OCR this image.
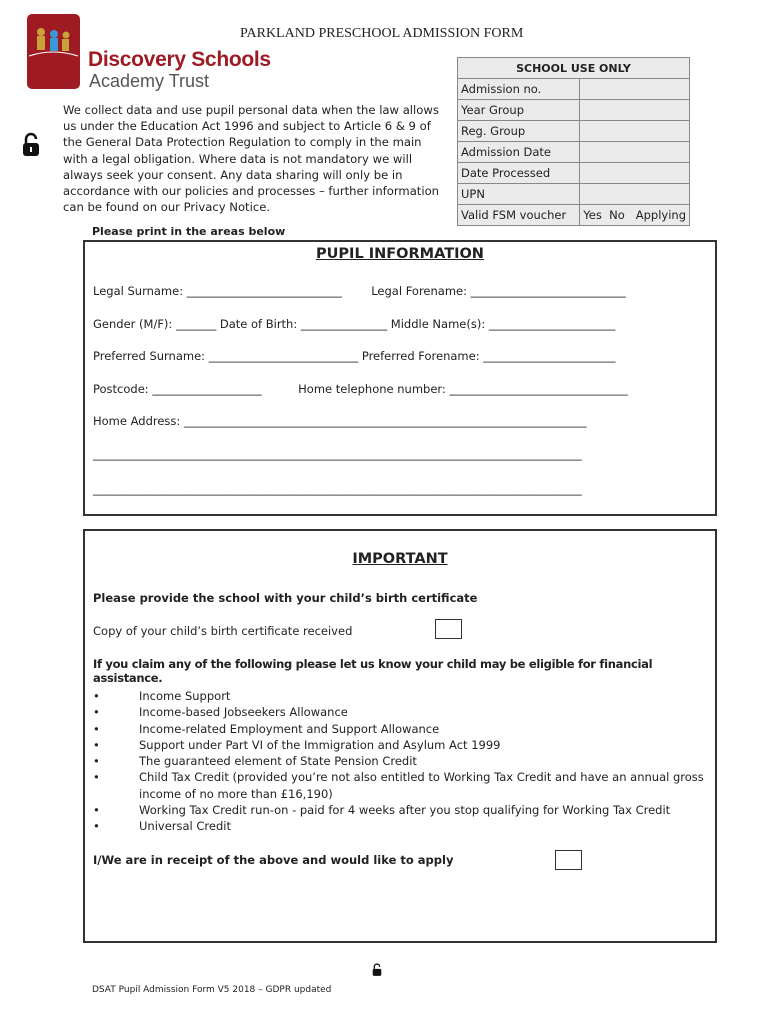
Discovery Schools
Academy Trust
PARKLAND PRESCHOOL ADMISSION FORM
We collect data and use pupil personal data when the law allows us under the Education Act 1996 and subject to Article 6 & 9 of the General Data Protection Regulation to comply in the main with a legal obligation. Where data is not mandatory we will always seek your consent. Any data sharing will only be in accordance with our policies and processes – further information can be found on our Privacy Notice.
Please print in the areas below
SCHOOL USE ONLY	
Admission no.	
Year Group	
Reg. Group	
Admission Date	
Date Processed	
UPN	
Valid FSM voucher	Yes  No   Applying
PUPIL INFORMATION
Legal Surname: ___________________________        Legal Forename: ___________________________
Gender (M/F): _______ Date of Birth: _______________ Middle Name(s): ______________________
Preferred Surname: __________________________ Preferred Forename: _______________________
Postcode: ___________________          Home telephone number: _______________________________
Home Address: ______________________________________________________________________
_____________________________________________________________________________________
_____________________________________________________________________________________
IMPORTANT
Please provide the school with your child’s birth certificate
Copy of your child’s birth certificate received
If you claim any of the following please let us know your child may be eligible for financial assistance.
• Income Support
• Income-based Jobseekers Allowance
• Income-related Employment and Support Allowance
• Support under Part VI of the Immigration and Asylum Act 1999
• The guaranteed element of State Pension Credit
• Child Tax Credit (provided you’re not also entitled to Working Tax Credit and have an annual gross income of no more than £16,190)
• Working Tax Credit run-on - paid for 4 weeks after you stop qualifying for Working Tax Credit
• Universal Credit
I/We are in receipt of the above and would like to apply
DSAT Pupil Admission Form V5 2018 – GDPR updated
